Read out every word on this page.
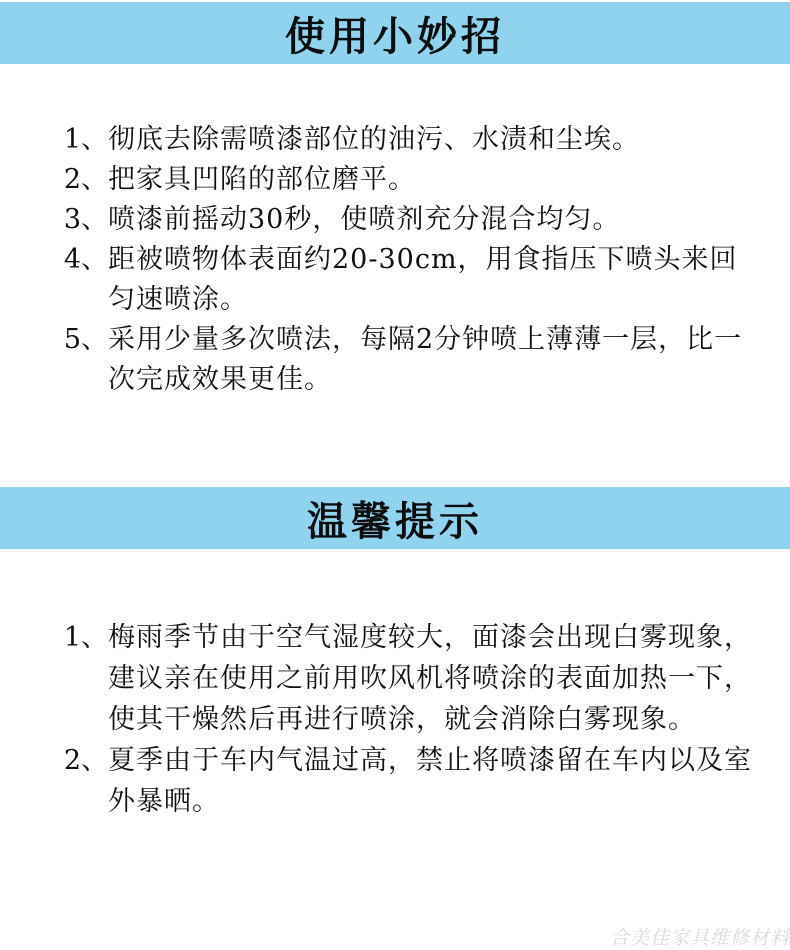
使用小妙招
1、 彻底去除需喷漆部位的油污、水渍和尘埃。
2、 把家具凹陷的部位磨平。
3、 喷漆前摇动30秒，使喷剂充分混合均匀。
4、 距被喷物体表面约20-30cm，用食指压下喷头来回匀速喷涂。
5、 采用少量多次喷法，每隔2分钟喷上薄薄一层，比一次完成效果更佳。
温馨提示
1、 梅雨季节由于空气湿度较大，面漆会出现白雾现象，建议亲在使用之前用吹风机将喷涂的表面加热一下，使其干燥然后再进行喷涂，就会消除白雾现象。
2、 夏季由于车内气温过高，禁止将喷漆留在车内以及室外暴晒。
合美佳家具维修材料
